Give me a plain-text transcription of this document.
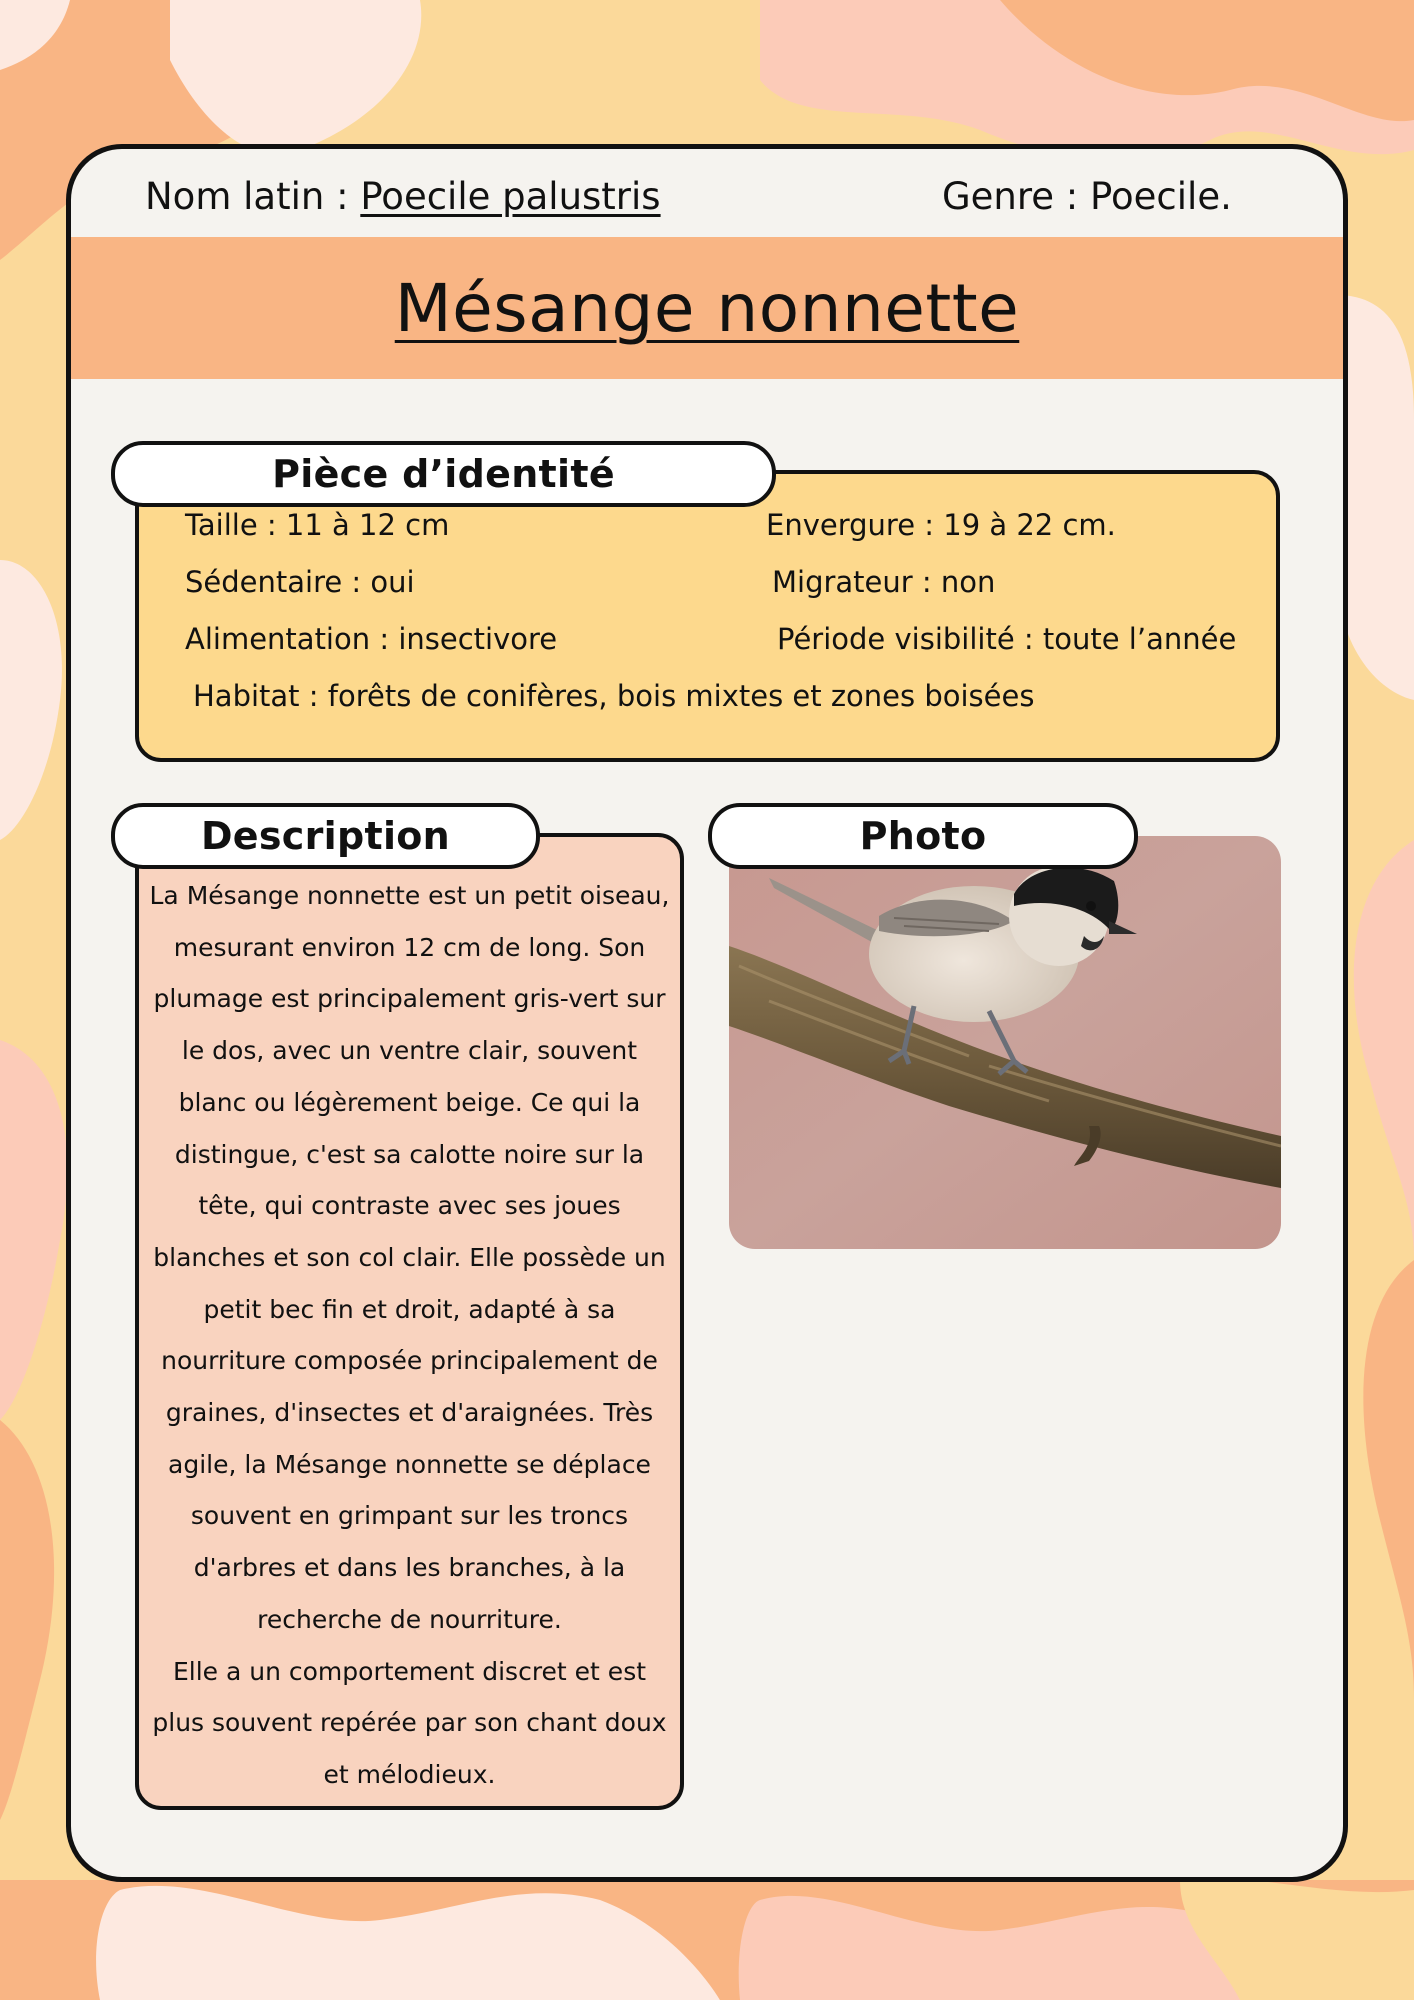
Nom latin : Poecile palustris	Genre : Poecile.
Mésange nonnette
Pièce d’identité
Taille : 11 à 12 cm	Envergure : 19 à 22 cm.
Sédentaire : oui	Migrateur : non
Alimentation : insectivore	Période visibilité : toute l’année
Habitat : forêts de conifères, bois mixtes et zones boisées
Description
La Mésange nonnette est un petit oiseau,
mesurant environ 12 cm de long. Son
plumage est principalement gris-vert sur
le dos, avec un ventre clair, souvent
blanc ou légèrement beige. Ce qui la
distingue, c'est sa calotte noire sur la
tête, qui contraste avec ses joues
blanches et son col clair. Elle possède un
petit bec fin et droit, adapté à sa
nourriture composée principalement de
graines, d'insectes et d'araignées. Très
agile, la Mésange nonnette se déplace
souvent en grimpant sur les troncs
d'arbres et dans les branches, à la
recherche de nourriture.
Elle a un comportement discret et est
plus souvent repérée par son chant doux
et mélodieux.
Photo
